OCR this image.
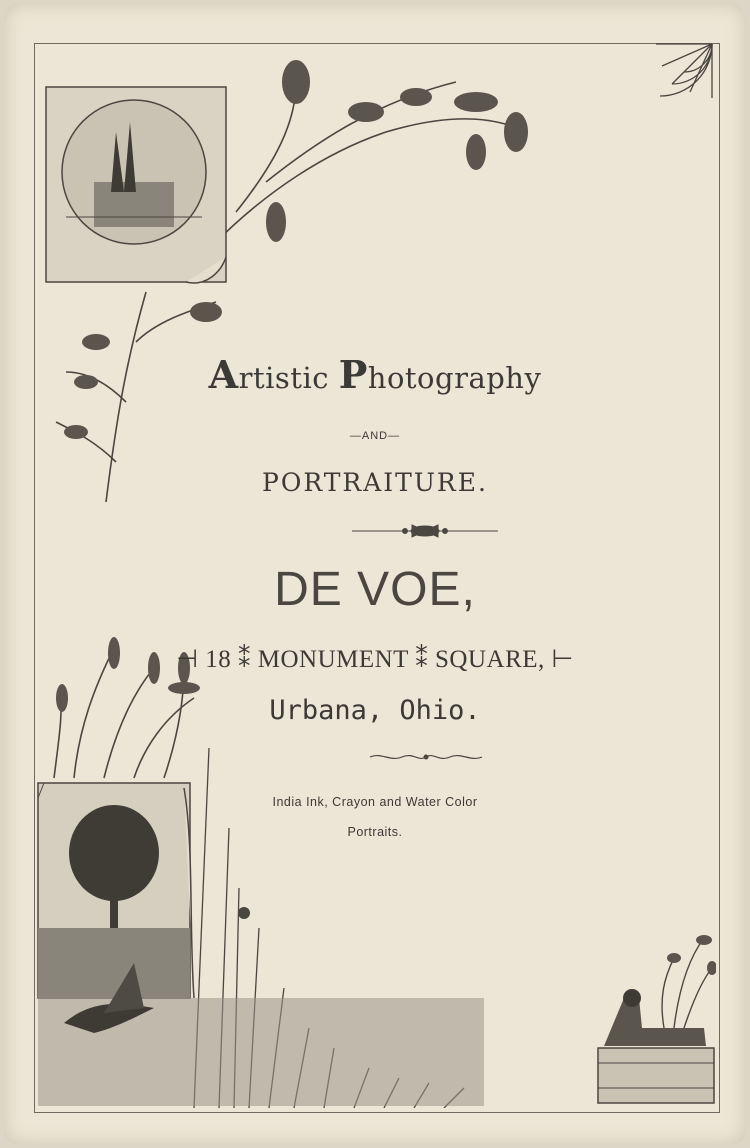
Artistic Photography
—AND—
PORTRAITURE.
DE VOE,
⊣ 18 ⁑ MONUMENT ⁑ SQUARE, ⊢
Urbana, Ohio.
India Ink, Crayon and Water Color
Portraits.
